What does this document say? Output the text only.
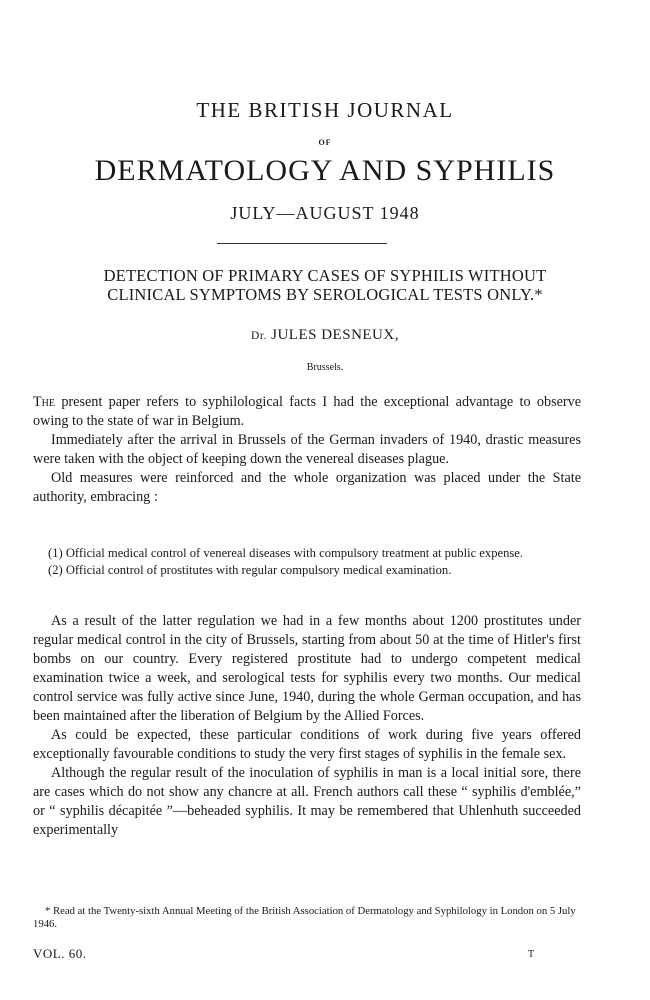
THE BRITISH JOURNAL
OF
DERMATOLOGY AND SYPHILIS
JULY—AUGUST 1948
DETECTION OF PRIMARY CASES OF SYPHILIS WITHOUT
CLINICAL SYMPTOMS BY SEROLOGICAL TESTS ONLY.*
Dr. JULES DESNEUX,
Brussels.

The present paper refers to syphilological facts I had the exceptional advantage to observe owing to the state of war in Belgium.

Immediately after the arrival in Brussels of the German invaders of 1940, drastic measures were taken with the object of keeping down the venereal diseases plague.

Old measures were reinforced and the whole organization was placed under the State authority, embracing :

(1) Official medical control of venereal diseases with compulsory treatment at public expense.

(2) Official control of prostitutes with regular compulsory medical examination.

As a result of the latter regulation we had in a few months about 1200 prostitutes under regular medical control in the city of Brussels, starting from about 50 at the time of Hitler's first bombs on our country. Every registered prostitute had to undergo competent medical examination twice a week, and serological tests for syphilis every two months. Our medical control service was fully active since June, 1940, during the whole German occupation, and has been maintained after the liberation of Belgium by the Allied Forces.

As could be expected, these particular conditions of work during five years offered exceptionally favourable conditions to study the very first stages of syphilis in the female sex.

Although the regular result of the inoculation of syphilis in man is a local initial sore, there are cases which do not show any chancre at all. French authors call these “ syphilis d'emblée,” or “ syphilis décapitée ”—beheaded syphilis. It may be remembered that Uhlenhuth succeeded experimentally

* Read at the Twenty-sixth Annual Meeting of the British Association of Dermatology and Syphilology in London on 5 July 1946.
VOL. 60.	T
